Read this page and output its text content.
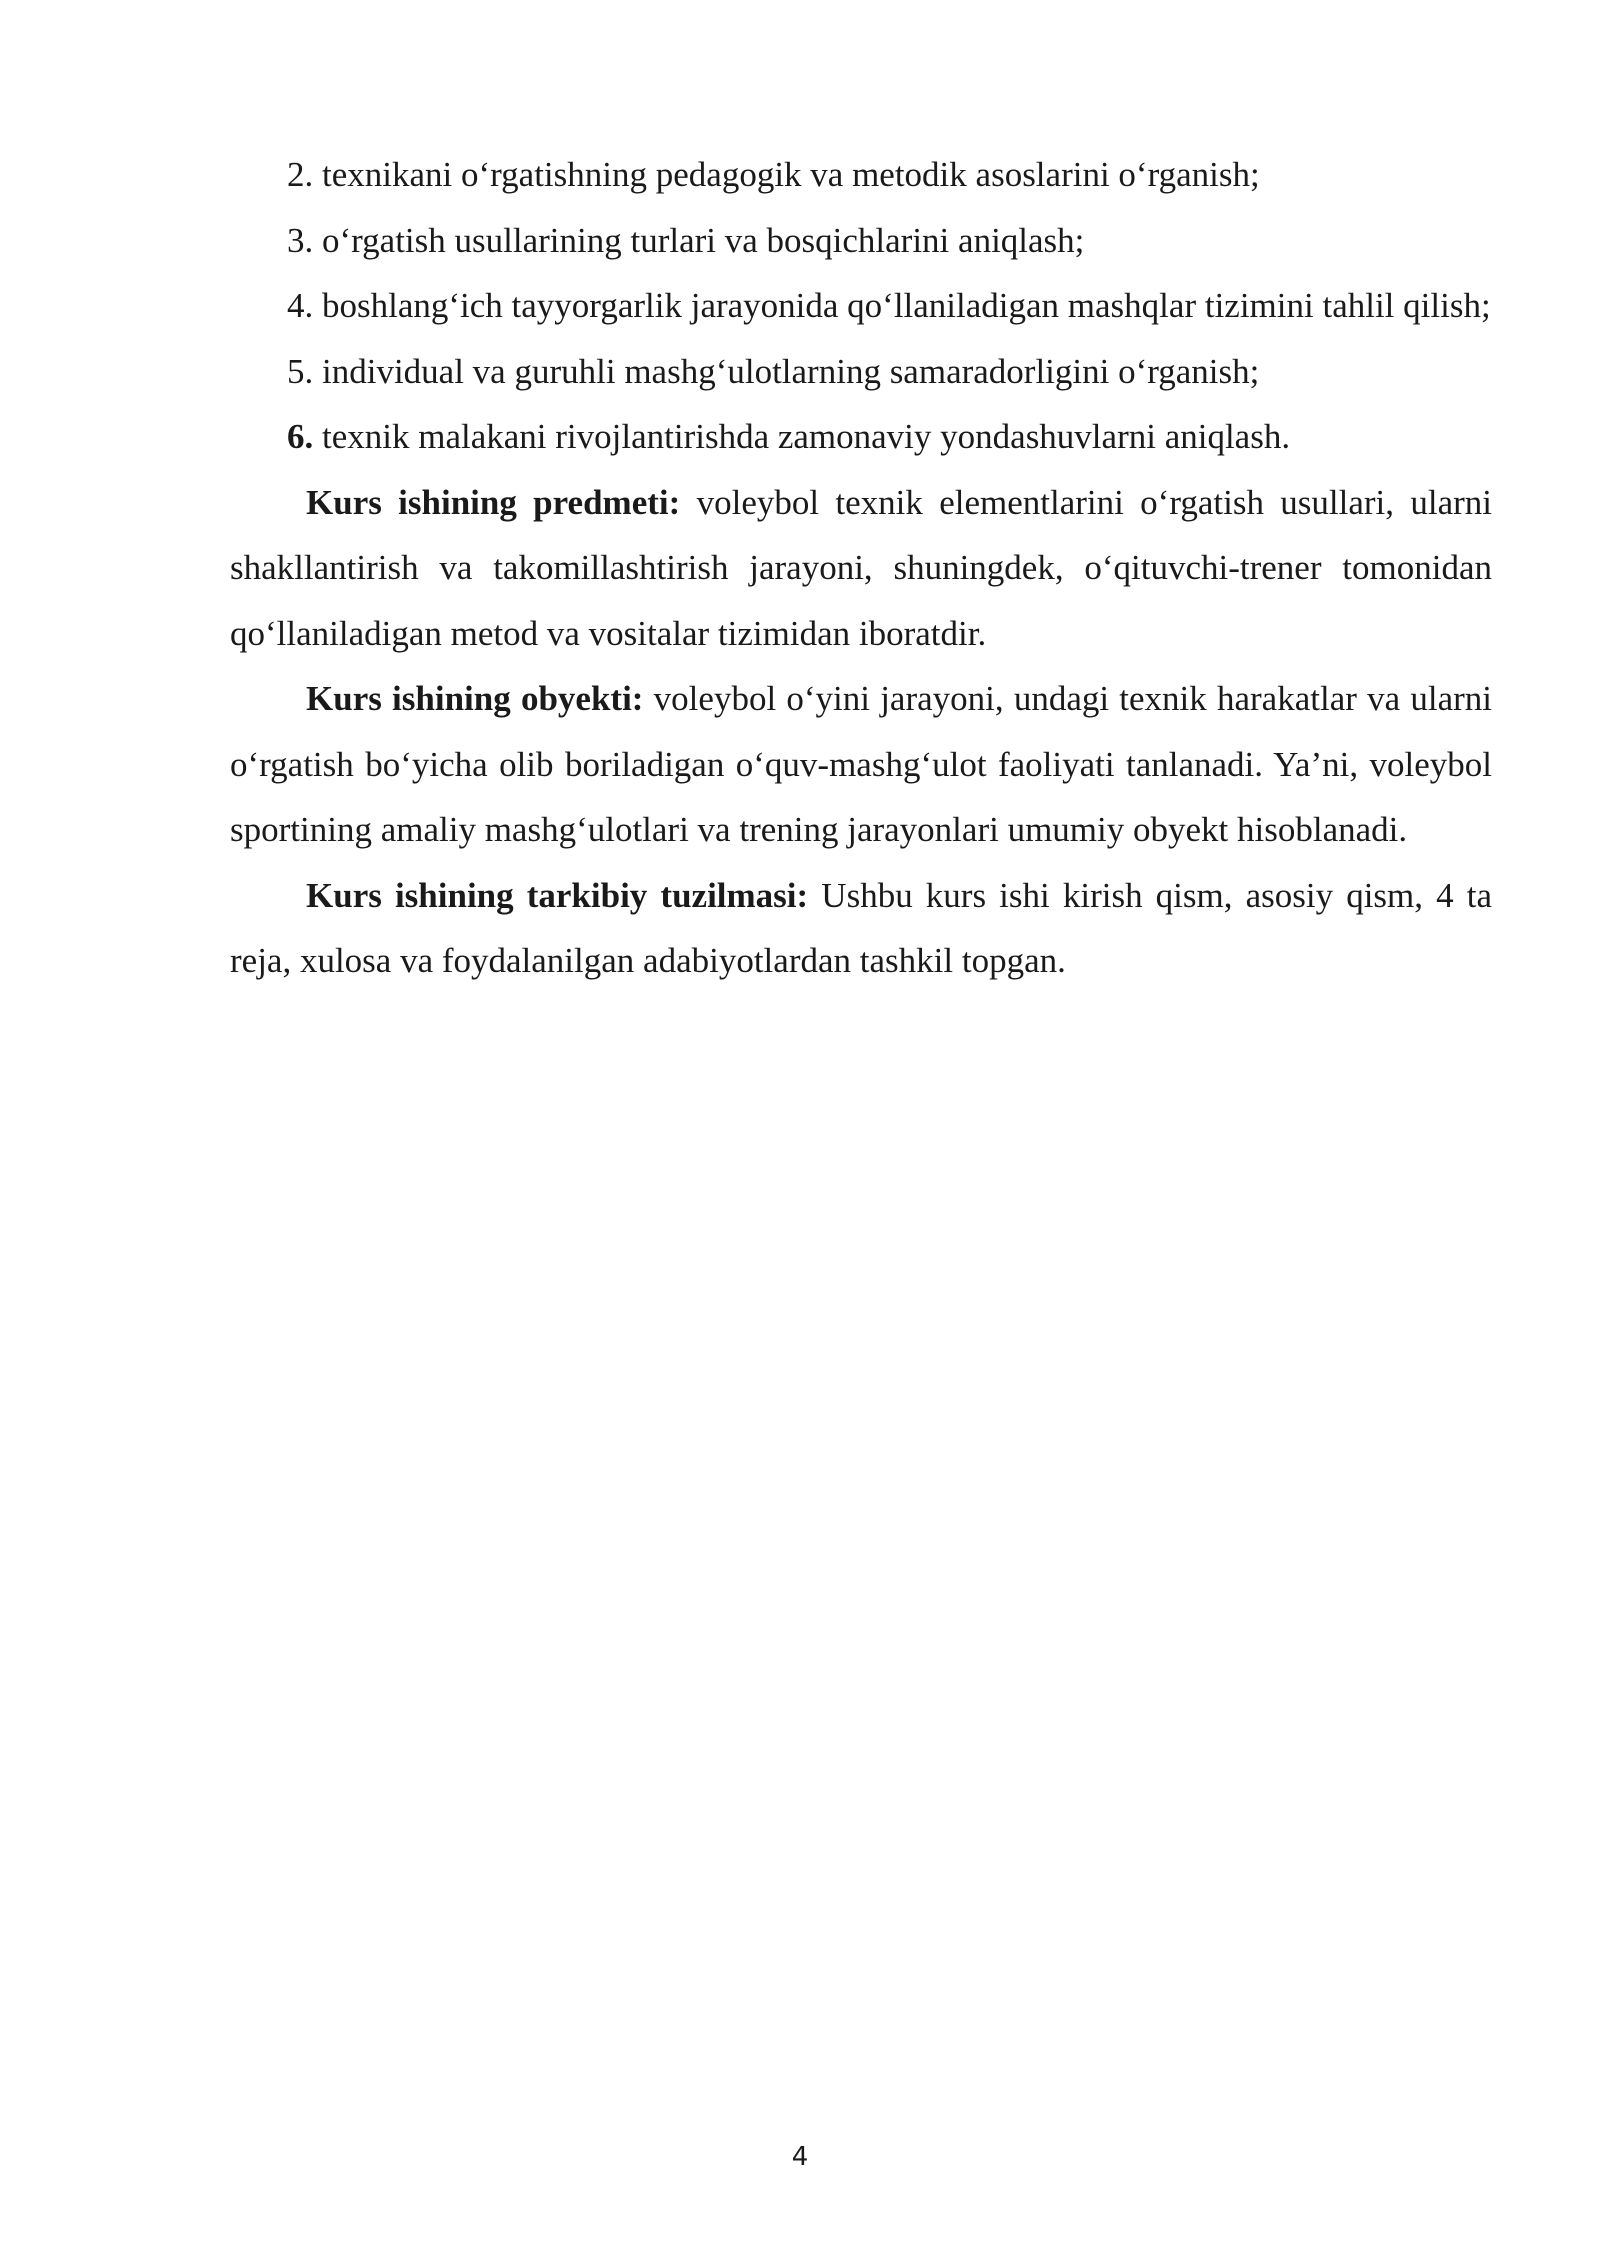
2. texnikani o‘rgatishning pedagogik va metodik asoslarini o‘rganish;

3. o‘rgatish usullarining turlari va bosqichlarini aniqlash;

4. boshlang‘ich tayyorgarlik jarayonida qo‘llaniladigan mashqlar tizimini tahlil qilish;

5. individual va guruhli mashg‘ulotlarning samaradorligini o‘rganish;

6. texnik malakani rivojlantirishda zamonaviy yondashuvlarni aniqlash.

Kurs ishining predmeti: voleybol texnik elementlarini o‘rgatish usullari, ularni shakllantirish va takomillashtirish jarayoni, shuningdek, o‘qituvchi-trener tomonidan qo‘llaniladigan metod va vositalar tizimidan iboratdir.

Kurs ishining obyekti: voleybol o‘yini jarayoni, undagi texnik harakatlar va ularni o‘rgatish bo‘yicha olib boriladigan o‘quv-mashg‘ulot faoliyati tanlanadi. Ya’ni, voleybol sportining amaliy mashg‘ulotlari va trening jarayonlari umumiy obyekt hisoblanadi.

Kurs ishining tarkibiy tuzilmasi: Ushbu kurs ishi kirish qism, asosiy qism, 4 ta reja, xulosa va foydalanilgan adabiyotlardan tashkil topgan.

4
